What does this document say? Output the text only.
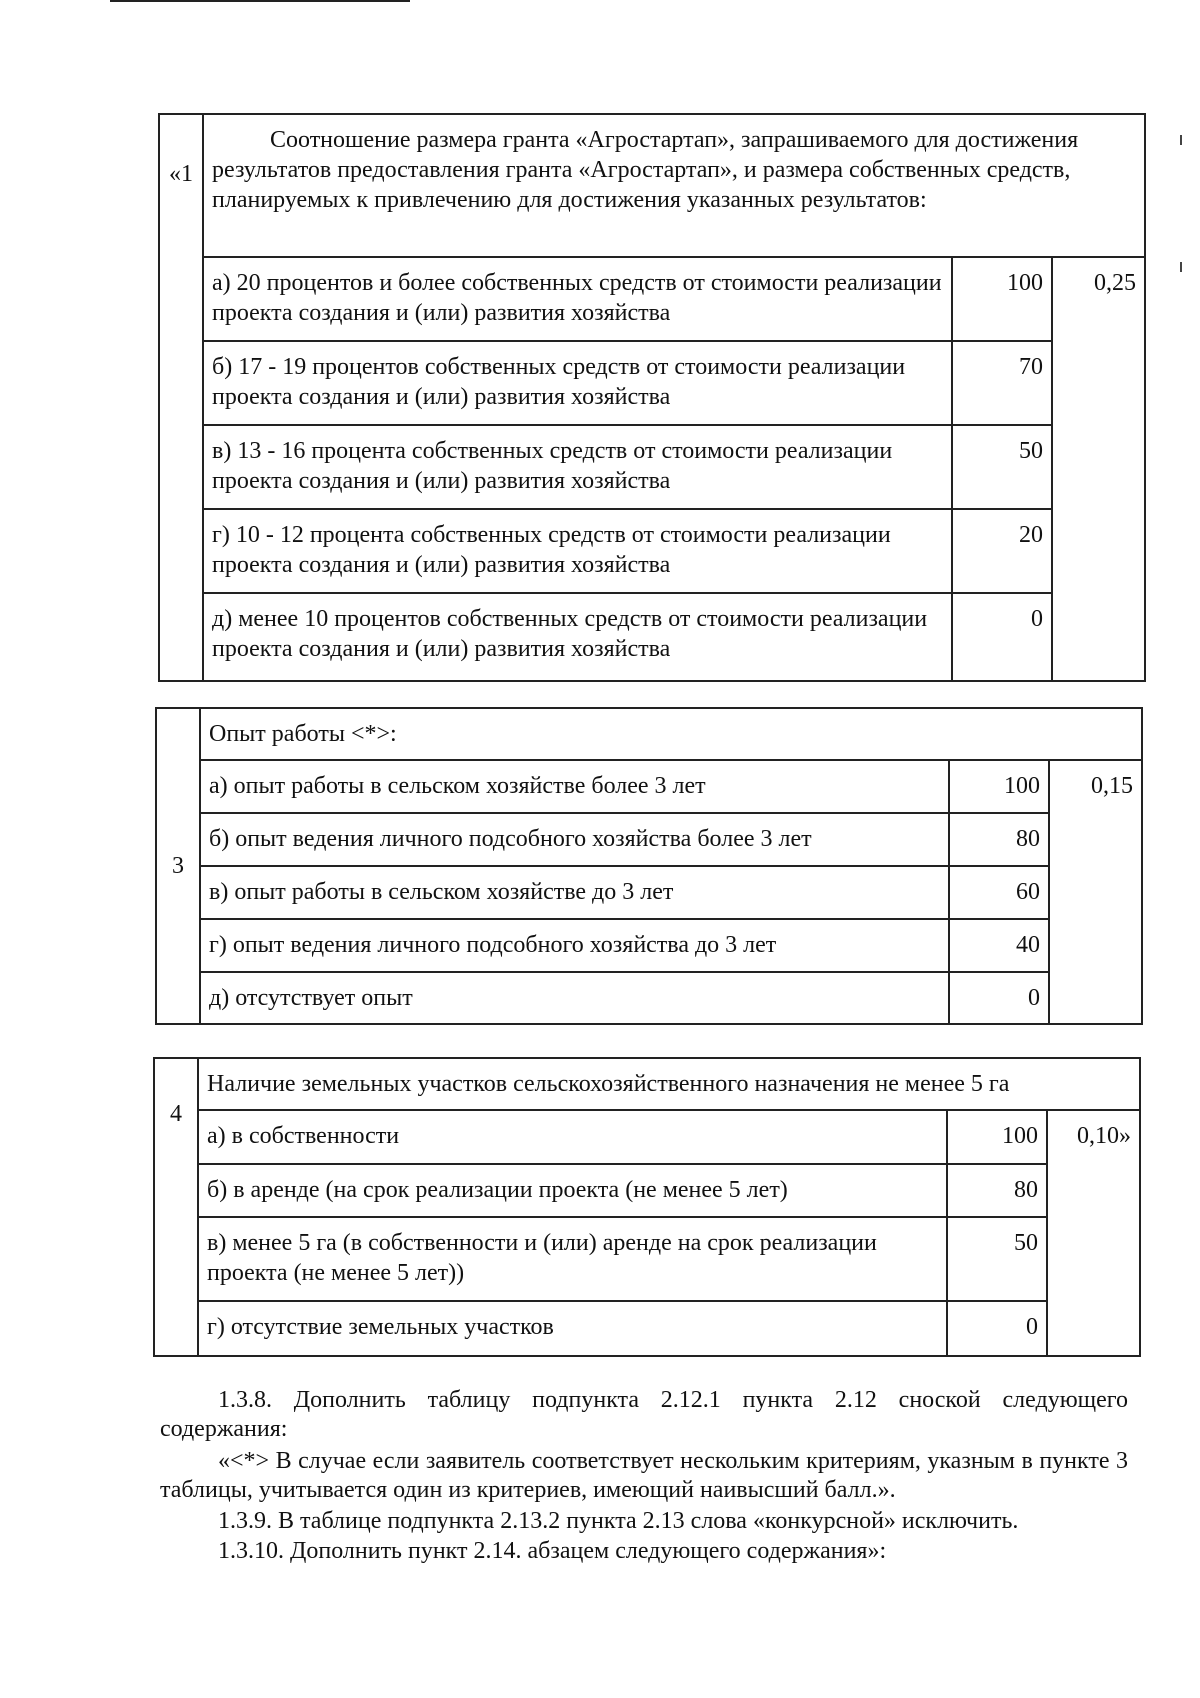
«1	Соотношение размера гранта «Агростартап», запрашиваемого для достижения результатов предоставления гранта «Агростартап», и размера собственных средств, планируемых к привлечению для достижения указанных результатов:		
	а) 20 процентов и более собственных средств от стоимости реализации проекта создания и (или) развития хозяйства	100	0,25
	б) 17 - 19 процентов собственных средств от стоимости реализации проекта создания и (или) развития хозяйства	70	
	в) 13 - 16 процента собственных средств от стоимости реализации проекта создания и (или) развития хозяйства	50	
	г) 10 - 12 процента собственных средств от стоимости реализации проекта создания и (или) развития хозяйства	20	
	д) менее 10 процентов собственных средств от стоимости реализации проекта создания и (или) развития хозяйства	0	
3	Опыт работы <*>:		
	а) опыт работы в сельском хозяйстве более 3 лет	100	0,15
	б) опыт ведения личного подсобного хозяйства более 3 лет	80	
	в) опыт работы в сельском хозяйстве до 3 лет	60	
	г) опыт ведения личного подсобного хозяйства до 3 лет	40	
	д) отсутствует опыт	0	
4	Наличие земельных участков сельскохозяйственного назначения не менее 5 га		
	а) в собственности	100	0,10»
	б) в аренде (на срок реализации проекта (не менее 5 лет)	80	
	в) менее 5 га (в собственности и (или) аренде на срок реализации проекта (не менее 5 лет))	50	
	г) отсутствие земельных участков	0	
1.3.8. Дополнить таблицу подпункта 2.12.1 пункта 2.12 сноской следующего содержания:
«<*> В случае если заявитель соответствует нескольким критериям, указным в пункте 3 таблицы, учитывается один из критериев, имеющий наивысший балл.».
1.3.9. В таблице подпункта 2.13.2 пункта 2.13 слова «конкурсной» исключить.
1.3.10. Дополнить пункт 2.14. абзацем следующего содержания»:
